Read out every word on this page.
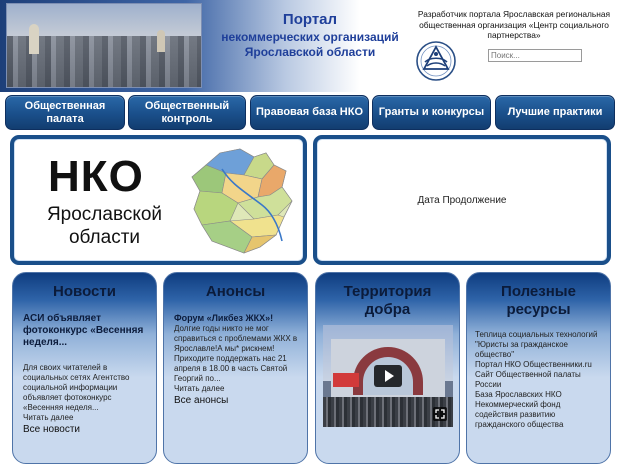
Портал
некоммерческих организаций
Ярославской области
Разработчик портала Ярославская региональная общественная организация «Центр социального партнерства»
Поиск...
Общественная палата
Общественный контроль
Правовая база НКО Гранты и конкурсы Лучшие практики
НКО
Ярославской области
Дата Продолжение
Новости
АСИ объявляет фотоконкурс «Весенняя неделя...
Для своих читателей в социальных сетях Агентство социальной информации объявляет фотоконкурс «Весенняя неделя...
Читать далее
Все новости
Анонсы
Форум «Ликбез ЖКХ»!
Долгие годы никто не мог справиться с проблемами ЖКХ в Ярославле!А мы* рискнем! Приходите поддержать нас 21 апреля в 18.00 в часть Святой Георгий по...
Читать далее
Все анонсы
Территория добра
Полезные ресурсы
Теплица социальных технологий
"Юристы за гражданское общество"
Портал НКО Общественники.ru
Сайт Общественной палаты России
База Ярославских НКО
Некоммерческий фонд содействия развитию гражданского общества
